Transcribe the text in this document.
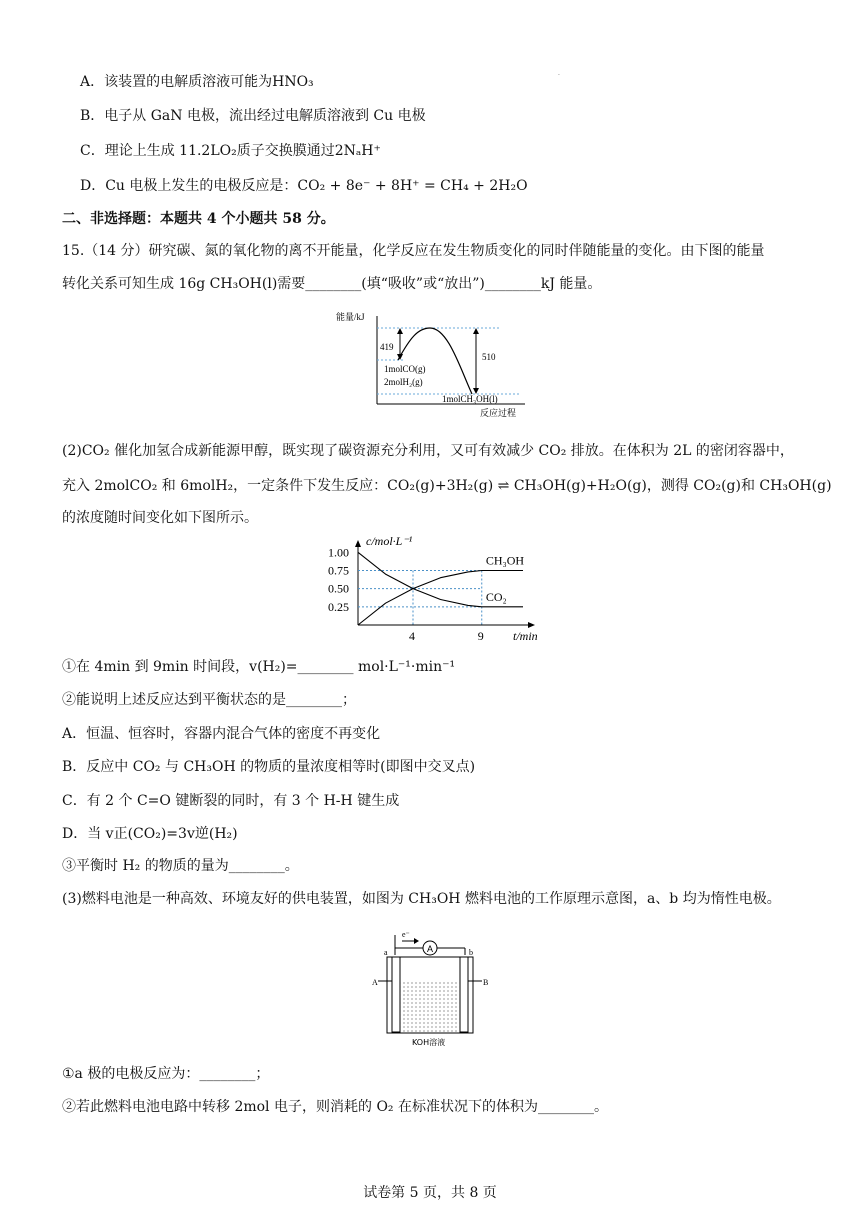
·
A．该装置的电解质溶液可能为HNO₃
B．电子从 GaN 电极，流出经过电解质溶液到 Cu 电极
C．理论上生成 11.2LO₂质子交换膜通过2NₐH⁺
D．Cu 电极上发生的电极反应是：CO₂ + 8e⁻ + 8H⁺ = CH₄ + 2H₂O
二、非选择题：本题共 4 个小题共 58 分。
15.（14 分）研究碳、氮的氧化物的离不开能量，化学反应在发生物质变化的同时伴随能量的变化。由下图的能量
转化关系可知生成 16g CH₃OH(l)需要________(填“吸收”或“放出”)________kJ 能量。
能量/kJ
419
510
1molCO(g)
2molH₂(g)
1molCH₃OH(l)
反应过程
(2)CO₂ 催化加氢合成新能源甲醇，既实现了碳资源充分利用，又可有效减少 CO₂ 排放。在体积为 2L 的密闭容器中，
充入 2molCO₂ 和 6molH₂，一定条件下发生反应：CO₂(g)+3H₂(g) ⇌ CH₃OH(g)+H₂O(g)，测得 CO₂(g)和 CH₃OH(g)
的浓度随时间变化如下图所示。
1.00
0.75
0.50
0.25
4	9
CH₃OH
CO₂
c/mol·L⁻¹
t/min
①在 4min 到 9min 时间段，v(H₂)=________ mol·L⁻¹·min⁻¹
②能说明上述反应达到平衡状态的是________；
A．恒温、恒容时，容器内混合气体的密度不再变化
B．反应中 CO₂ 与 CH₃OH 的物质的量浓度相等时(即图中交叉点)
C．有 2 个 C=O 键断裂的同时，有 3 个 H-H 键生成
D．当 v正(CO₂)=3v逆(H₂)
③平衡时 H₂ 的物质的量为________。
(3)燃料电池是一种高效、环境友好的供电装置，如图为 CH₃OH 燃料电池的工作原理示意图，a、b 均为惰性电极。
A
e⁻
a	b
A	B
KOH溶液
①a 极的电极反应为：________；
②若此燃料电池电路中转移 2mol 电子，则消耗的 O₂ 在标准状况下的体积为________。
试卷第 5 页，共 8 页
